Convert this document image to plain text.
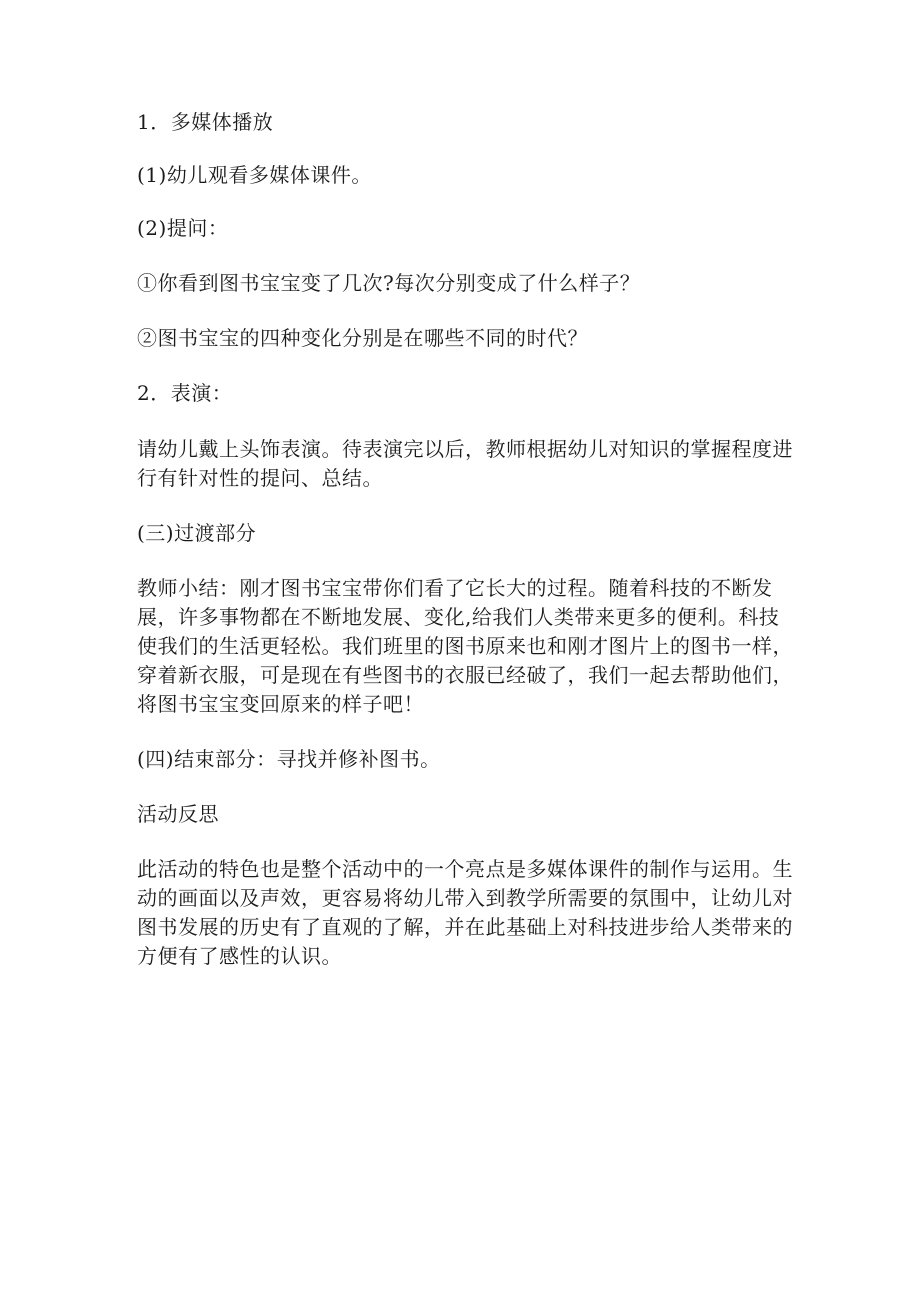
1．多媒体播放

(1)幼儿观看多媒体课件。

(2)提问：

①你看到图书宝宝变了几次?每次分别变成了什么样子？

②图书宝宝的四种变化分别是在哪些不同的时代？

2．表演：

请幼儿戴上头饰表演。待表演完以后，教师根据幼儿对知识的掌握程度进行有针对性的提问、总结。

(三)过渡部分

教师小结：刚才图书宝宝带你们看了它长大的过程。随着科技的不断发展，许多事物都在不断地发展、变化,给我们人类带来更多的便利。科技使我们的生活更轻松。我们班里的图书原来也和刚才图片上的图书一样，穿着新衣服，可是现在有些图书的衣服已经破了，我们一起去帮助他们，将图书宝宝变回原来的样子吧！

(四)结束部分：寻找并修补图书。

活动反思

此活动的特色也是整个活动中的一个亮点是多媒体课件的制作与运用。生动的画面以及声效，更容易将幼儿带入到教学所需要的氛围中，让幼儿对图书发展的历史有了直观的了解，并在此基础上对科技进步给人类带来的方便有了感性的认识。
